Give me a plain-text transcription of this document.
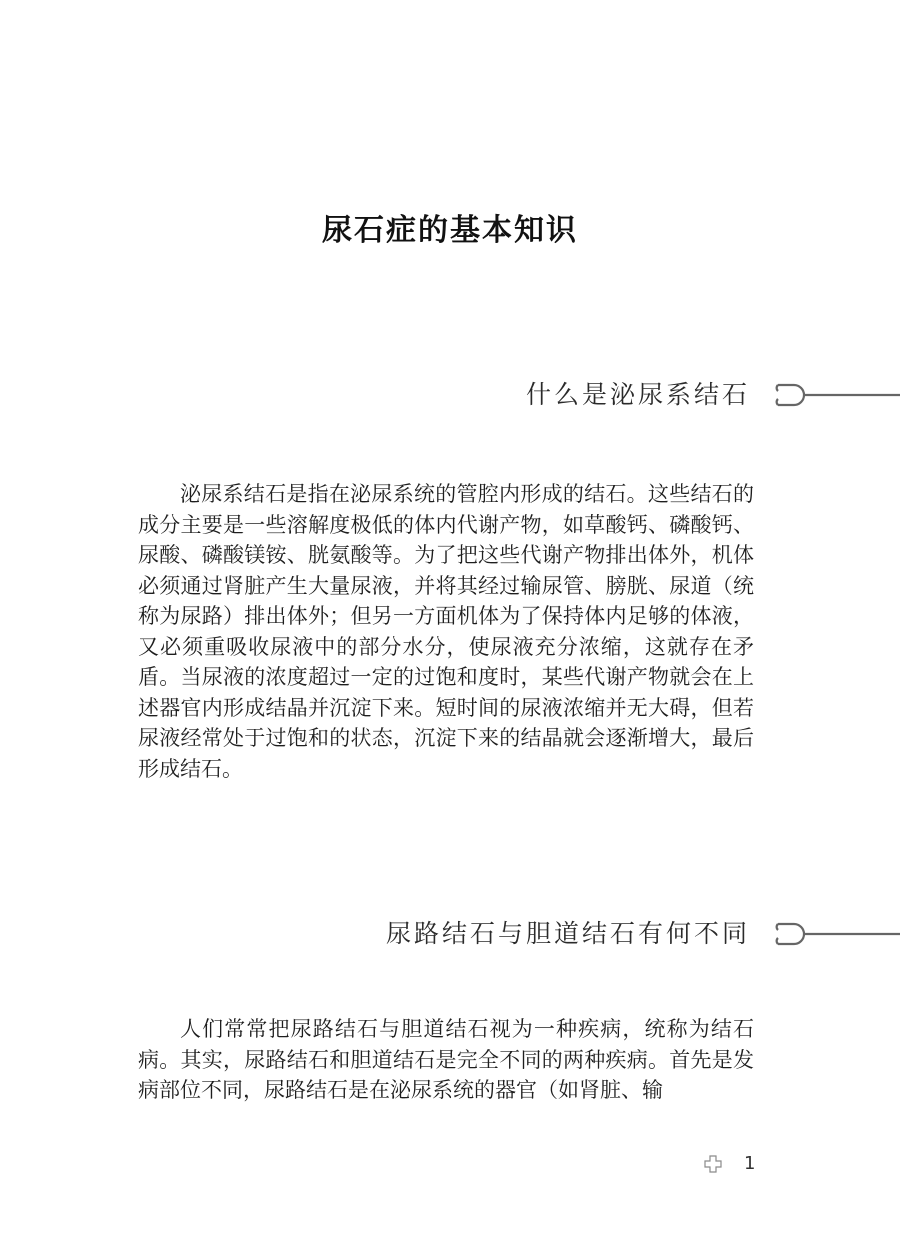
尿石症的基本知识
什么是泌尿系结石
泌尿系结石是指在泌尿系统的管腔内形成的结石。这些结石的成分主要是一些溶解度极低的体内代谢产物，如草酸钙、磷酸钙、尿酸、磷酸镁铵、胱氨酸等。为了把这些代谢产物排出体外，机体必须通过肾脏产生大量尿液，并将其经过输尿管、膀胱、尿道（统称为尿路）排出体外；但另一方面机体为了保持体内足够的体液，又必须重吸收尿液中的部分水分，使尿液充分浓缩，这就存在矛盾。当尿液的浓度超过一定的过饱和度时，某些代谢产物就会在上述器官内形成结晶并沉淀下来。短时间的尿液浓缩并无大碍，但若尿液经常处于过饱和的状态，沉淀下来的结晶就会逐渐增大，最后形成结石。
尿路结石与胆道结石有何不同
人们常常把尿路结石与胆道结石视为一种疾病，统称为结石病。其实，尿路结石和胆道结石是完全不同的两种疾病。首先是发病部位不同，尿路结石是在泌尿系统的器官（如肾脏、输
1
